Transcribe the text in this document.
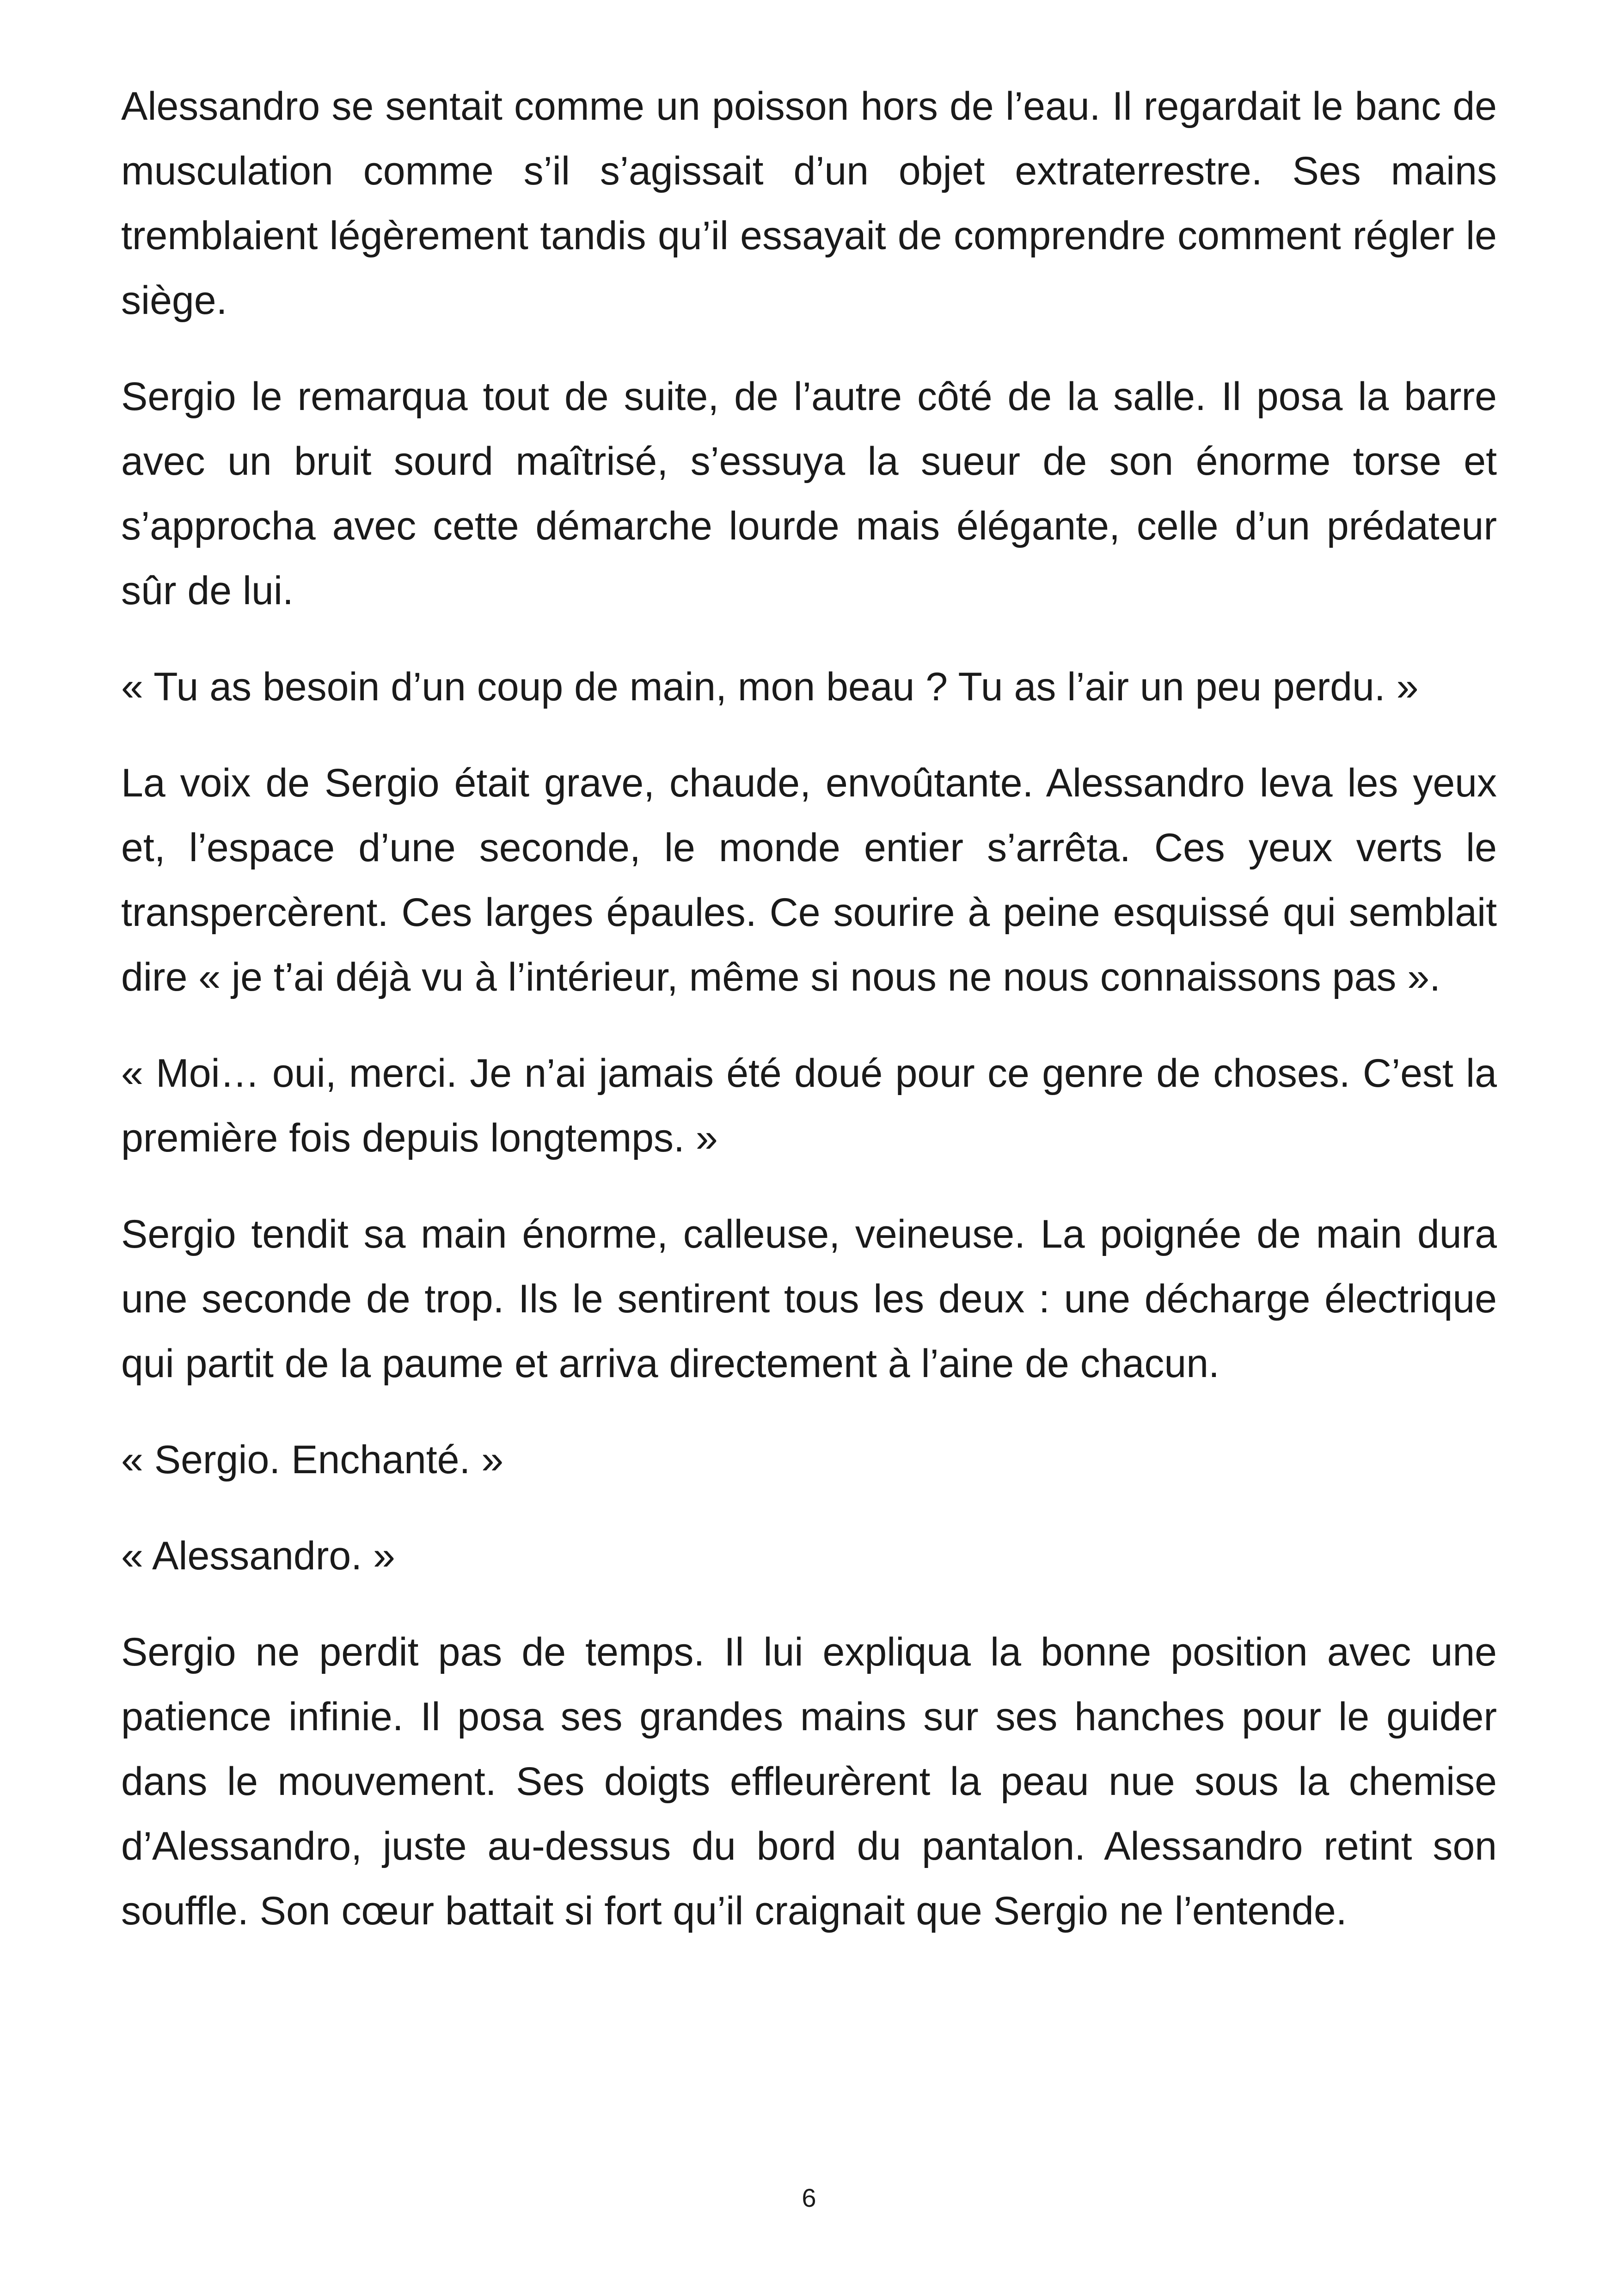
Alessandro se sentait comme un poisson hors de l’eau. Il regardait le banc de musculation comme s’il s’agissait d’un objet extraterrestre. Ses mains tremblaient légèrement tandis qu’il essayait de comprendre comment régler le siège.

Sergio le remarqua tout de suite, de l’autre côté de la salle. Il posa la barre avec un bruit sourd maîtrisé, s’essuya la sueur de son énorme torse et s’approcha avec cette démarche lourde mais élégante, celle d’un prédateur sûr de lui.

« Tu as besoin d’un coup de main, mon beau ? Tu as l’air un peu perdu. »

La voix de Sergio était grave, chaude, envoûtante. Alessandro leva les yeux et, l’espace d’une seconde, le monde entier s’arrêta. Ces yeux verts le transpercèrent. Ces larges épaules. Ce sourire à peine esquissé qui semblait dire « je t’ai déjà vu à l’intérieur, même si nous ne nous connaissons pas ».

« Moi… oui, merci. Je n’ai jamais été doué pour ce genre de choses. C’est la première fois depuis longtemps. »

Sergio tendit sa main énorme, calleuse, veineuse. La poignée de main dura une seconde de trop. Ils le sentirent tous les deux : une décharge électrique qui partit de la paume et arriva directement à l’aine de chacun.

« Sergio. Enchanté. »

« Alessandro. »

Sergio ne perdit pas de temps. Il lui expliqua la bonne position avec une patience infinie. Il posa ses grandes mains sur ses hanches pour le guider dans le mouvement. Ses doigts effleurèrent la peau nue sous la chemise d’Alessandro, juste au-dessus du bord du pantalon. Alessandro retint son souffle. Son cœur battait si fort qu’il craignait que Sergio ne l’entende.

6
